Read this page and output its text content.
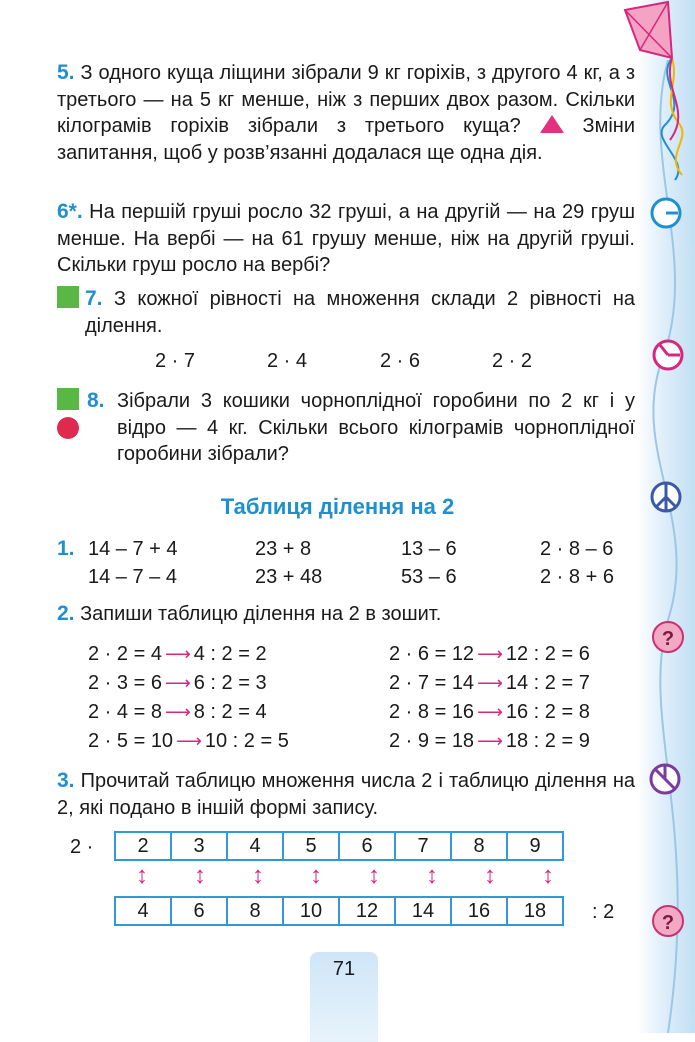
?
?

5. З одного куща ліщини зібрали 9 кг горіхів, з другого 4 кг, а з третього — на 5 кг менше, ніж з перших двох разом. Скільки кілограмів горіхів зібрали з третього куща?	Зміни запитання, щоб у розв’язанні додалася ще одна дія.

6*. На першій груші росло 32 груші, а на другій — на 29 груш менше. На вербі — на 61 грушу менше, ніж на другій груші. Скільки груш росло на вербі?

7. З кожної рівності на множення склади 2 рівності на ділення.

2 · 7	2 · 4	2 · 6	2 · 2
8. Зібрали 3 кошики чорноплідної горобини по 2 кг і у відро — 4 кг. Скільки всього кілограмів чорноплідної горобини зібрали?

Таблиця ділення на 2
1. 14 – 7 + 4	23 + 8	13 – 6	2 · 8 – 6
14 – 7 – 4	23 + 48	53 – 6	2 · 8 + 6

2. Запиши таблицю ділення на 2 в зошит.

2 · 2 = 4 ⟶ 4 : 2 = 2
2 · 3 = 6 ⟶ 6 : 2 = 3
2 · 4 = 8 ⟶ 8 : 2 = 4
2 · 5 = 10 ⟶ 10 : 2 = 5
2 · 6 = 12 ⟶ 12 : 2 = 6
2 · 7 = 14 ⟶ 14 : 2 = 7
2 · 8 = 16 ⟶ 16 : 2 = 8
2 · 9 = 18 ⟶ 18 : 2 = 9

3. Прочитай таблицю множення числа 2 і таблицю ділення на 2, які подано в іншій формі запису.

2 · 2	3	4	5	6	7	8	9
↕ ↕ ↕ ↕ ↕ ↕ ↕ ↕
4	6	8	10	12	14	16	18 : 2
71
